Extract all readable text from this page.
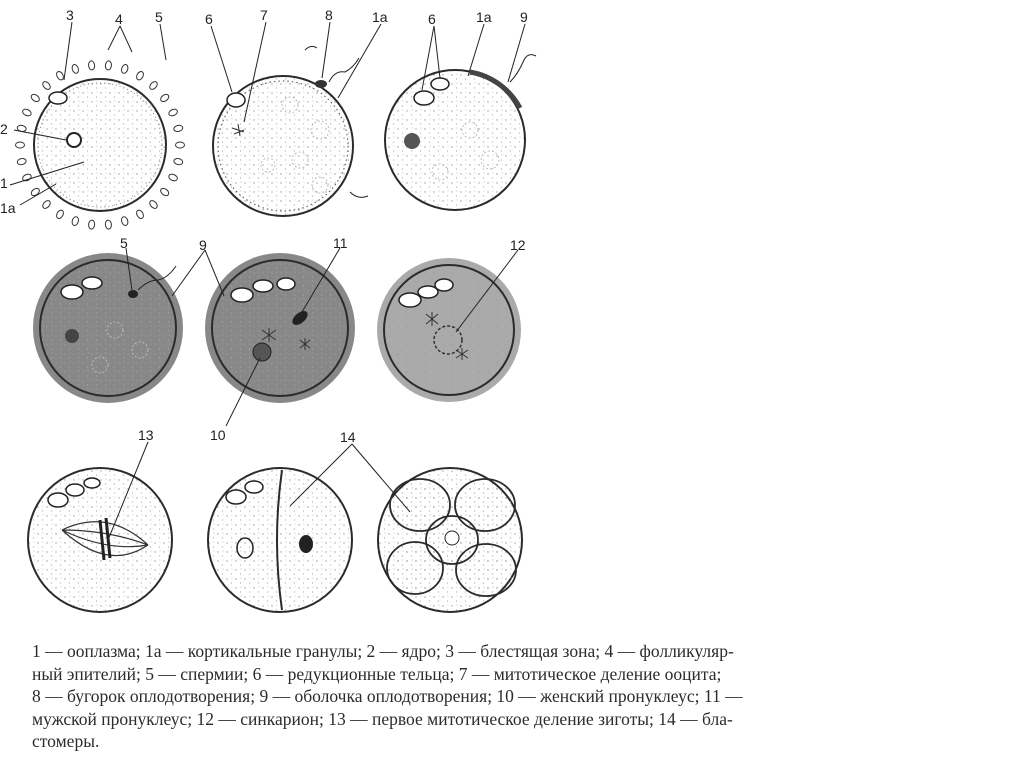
3	4 5
2
1
1а
6	7	8	1а	6	1а 9
5	9	11	12
10
13	14
1 — ооплазма; 1а — кортикальные гранулы; 2 — ядро; 3 — блестящая зона; 4 — фолликуляр-
ный эпителий; 5 — спермии; 6 — редукционные тельца; 7 — митотическое деление ооцита;
8 — бугорок оплодотворения; 9 — оболочка оплодотворения; 10 — женский пронуклеус; 11 —
мужской пронуклеус; 12 — синкарион; 13 — первое митотическое деление зиготы; 14 — бла-
стомеры.
